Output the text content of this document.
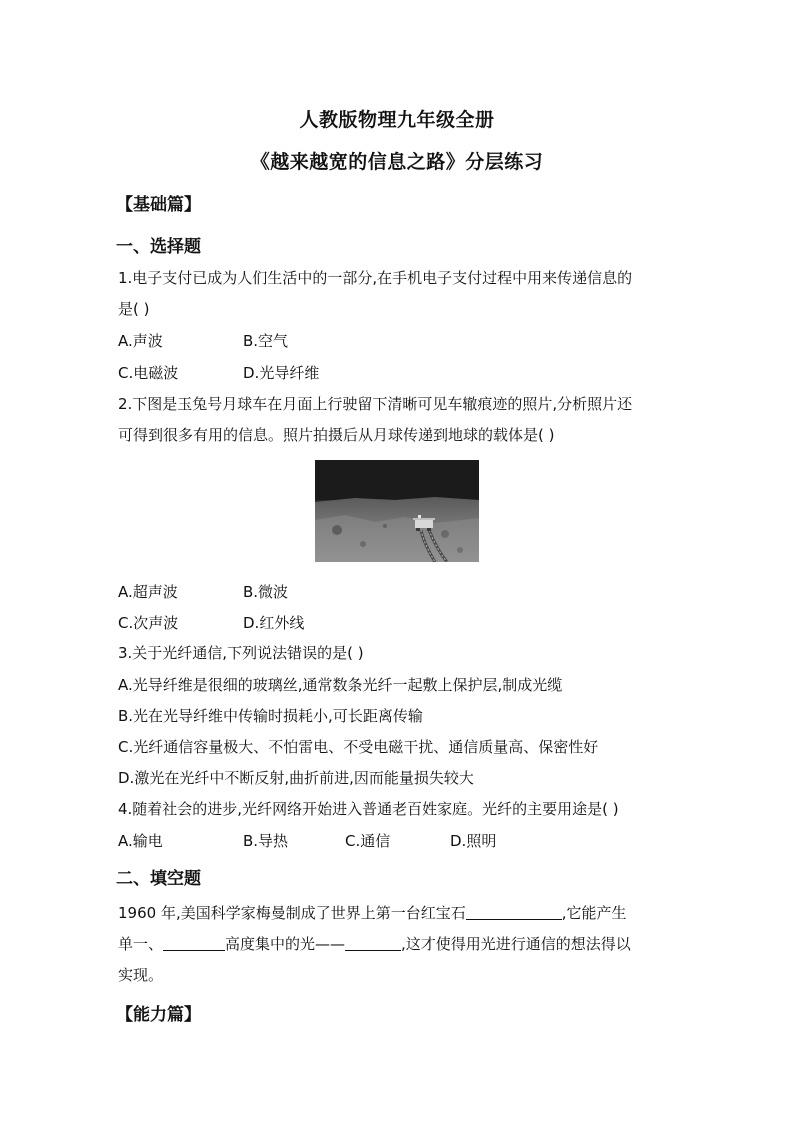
人教版物理九年级全册
《越来越宽的信息之路》分层练习
【基础篇】
一、选择题
1.电子支付已成为人们生活中的一部分,在手机电子支付过程中用来传递信息的
是( )
A.声波	B.空气
C.电磁波	D.光导纤维
2.下图是玉兔号月球车在月面上行驶留下清晰可见车辙痕迹的照片,分析照片还
可得到很多有用的信息。照片拍摄后从月球传递到地球的载体是( )
A.超声波	B.微波
C.次声波	D.红外线
3.关于光纤通信,下列说法错误的是( )
A.光导纤维是很细的玻璃丝,通常数条光纤一起敷上保护层,制成光缆
B.光在光导纤维中传输时损耗小,可长距离传输
C.光纤通信容量极大、不怕雷电、不受电磁干扰、通信质量高、保密性好
D.激光在光纤中不断反射,曲折前进,因而能量损失较大
4.随着社会的进步,光纤网络开始进入普通老百姓家庭。光纤的主要用途是( )
A.输电	B.导热	C.通信	D.照明
二、填空题
1960 年,美国科学家梅曼制成了世界上第一台红宝石	,它能产生
单一、	高度集中的光——	,这才使得用光进行通信的想法得以
实现。
【能力篇】
